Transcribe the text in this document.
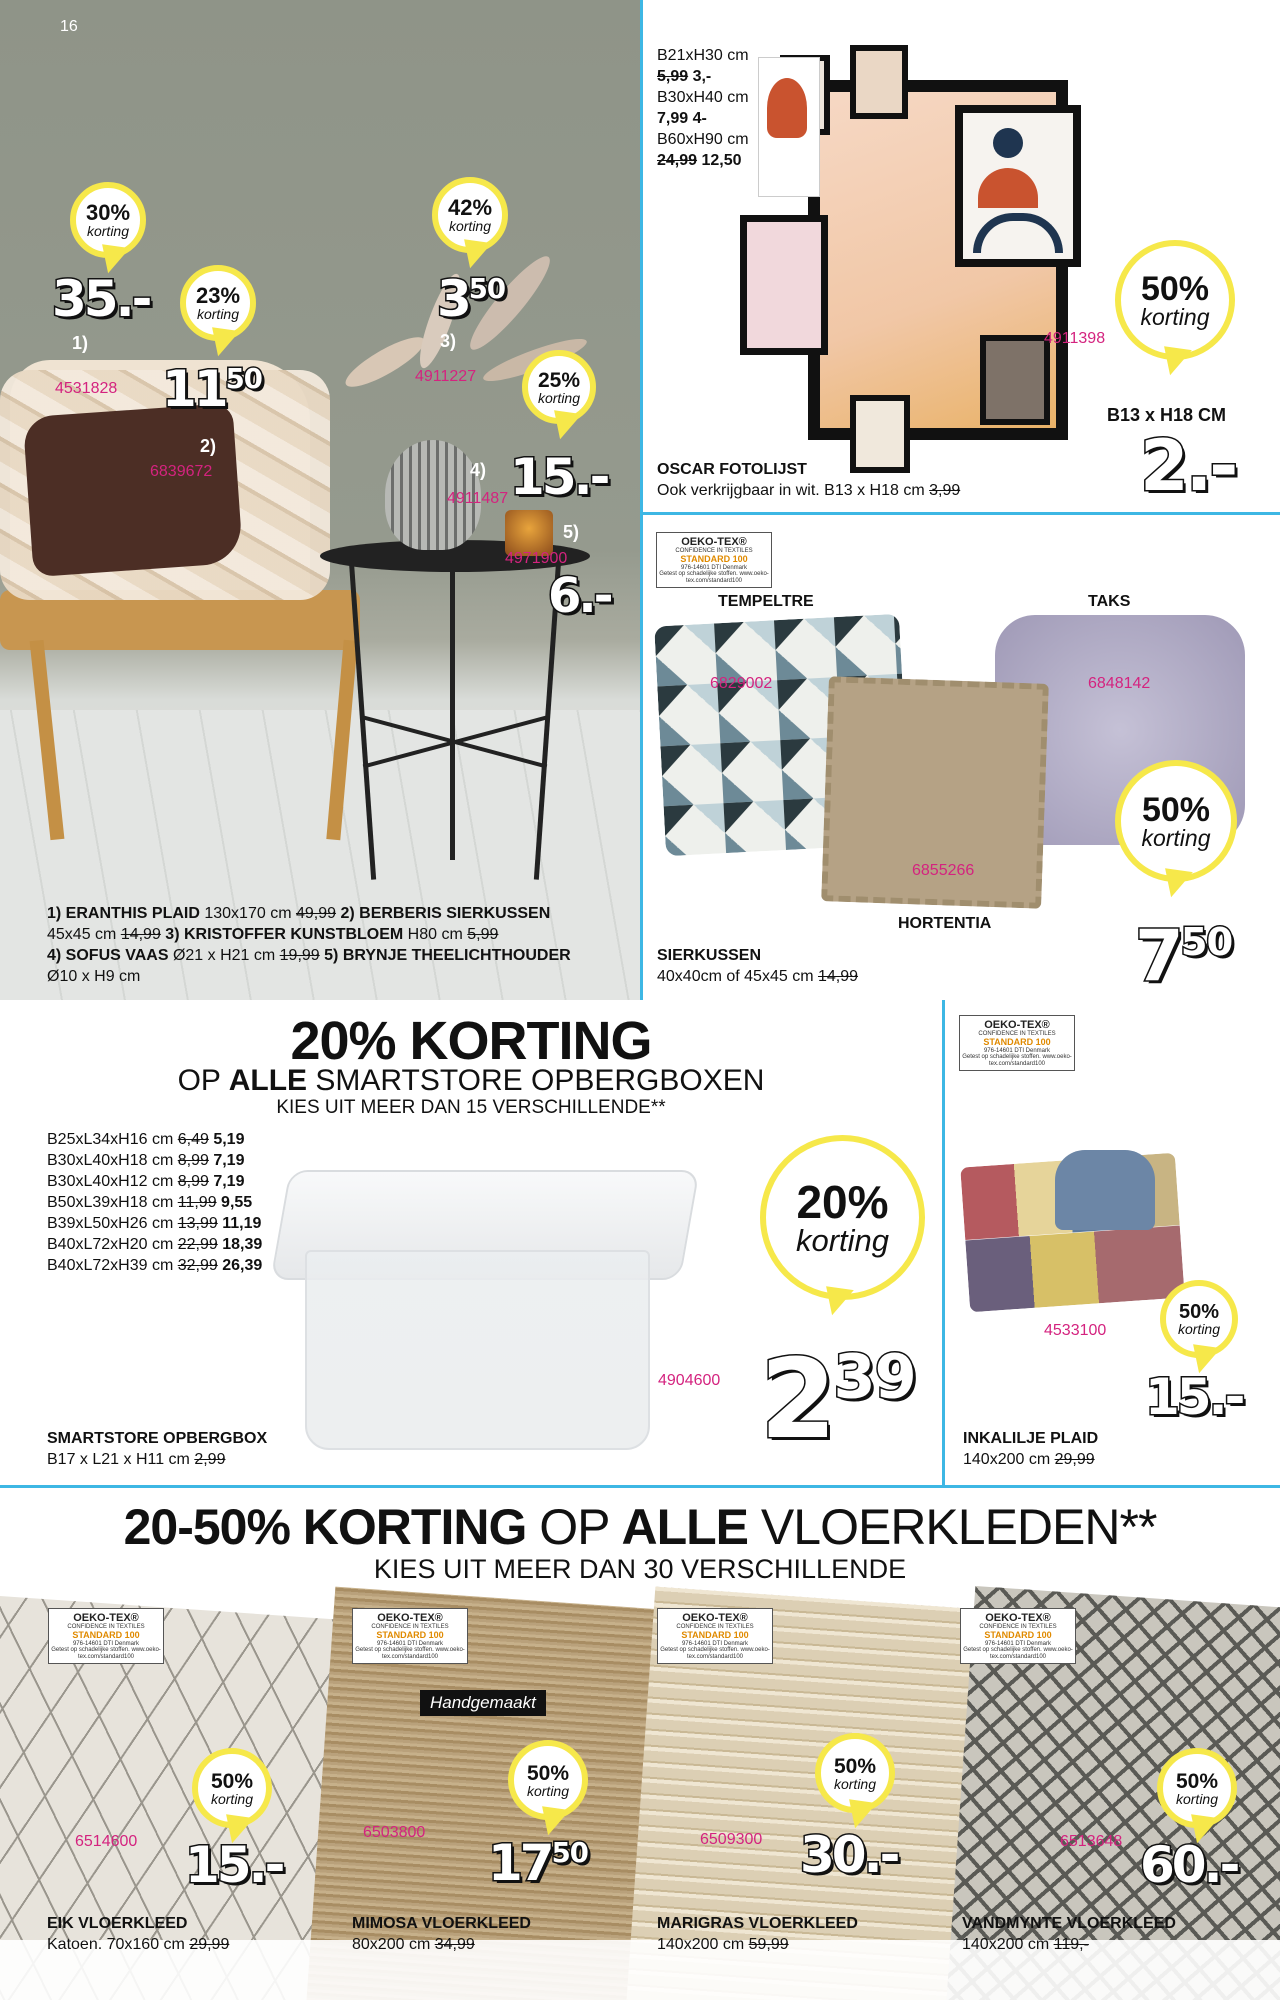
16
30%
korting
35.-
1)
4531828
23%
korting
$11^{50}$
2)
6839672
42%
korting
$3^{50}$
3)
4911227	25%
korting
15.-
4)
4911487
5)
4971900
6.-
1) ERANTHIS PLAID 130x170 cm 49,99 2) BERBERIS SIERKUSSEN
45x45 cm 14,99 3) KRISTOFFER KUNSTBLOEM H80 cm 5,99
4) SOFUS VAAS Ø21 x H21 cm 19,99 5) BRYNJE THEELICHTHOUDER
Ø10 x H9 cm
B21xH30 cm
5,99 3,-
B30xH40 cm
7,99 4-
B60xH90 cm
24,99 12,50	GIRLS CAN DO ANYTHING
4911398
50%
korting
B13 x H18 CM
2.-
OSCAR FOTOLIJST
Ook verkrijgbaar in wit. B13 x H18 cm 3,99
OEKO-TEX®
CONFIDENCE IN TEXTILES
STANDARD 100
976-14601 DTI Denmark
Getest op schadelijke stoffen. www.oeko-tex.com/standard100
TEMPELTRE	TAKS
6829002	6848142
6855266
50%
korting
HORTENTIA $7^{50}$
SIERKUSSEN
40x40cm of 45x45 cm 14,99
20% KORTING
OP ALLE SMARTSTORE OPBERGBOXEN
KIES UIT MEER DAN 15 VERSCHILLENDE**
B25xL34xH16 cm 6,49 5,19
B30xL40xH18 cm 8,99 7,19
B30xL40xH12 cm 8,99 7,19
B50xL39xH18 cm 11,99 9,55
B39xL50xH26 cm 13,99 11,19
B40xL72xH20 cm 22,99 18,39
B40xL72xH39 cm 32,99 26,39
4904600
20%
korting
$2^{39}$
SMARTSTORE OPBERGBOX
B17 x L21 x H11 cm 2,99
OEKO-TEX®
CONFIDENCE IN TEXTILES
STANDARD 100
976-14601 DTI Denmark
Getest op schadelijke stoffen. www.oeko-tex.com/standard100
4533100
50%
korting
15.-
INKALILJE PLAID
140x200 cm 29,99
20-50% KORTING OP ALLE VLOERKLEDEN**
KIES UIT MEER DAN 30 VERSCHILLENDE
OEKO-TEX®
CONFIDENCE IN TEXTILES
STANDARD 100
976-14601 DTI Denmark
Getest op schadelijke stoffen. www.oeko-tex.com/standard100
OEKO-TEX®
CONFIDENCE IN TEXTILES
STANDARD 100
976-14601 DTI Denmark
Getest op schadelijke stoffen. www.oeko-tex.com/standard100
OEKO-TEX®
CONFIDENCE IN TEXTILES
STANDARD 100
976-14601 DTI Denmark
Getest op schadelijke stoffen. www.oeko-tex.com/standard100
OEKO-TEX®
CONFIDENCE IN TEXTILES
STANDARD 100
976-14601 DTI Denmark
Getest op schadelijke stoffen. www.oeko-tex.com/standard100
Handgemaakt
50%
korting
6514600 15.-
50%
korting
6503800
$17^{50}$
50%
korting
6509300 30.-
50%
korting
6513648 60.-
EIK VLOERKLEED
Katoen. 70x160 cm 29,99
MIMOSA VLOERKLEED
80x200 cm 34,99
MARIGRAS VLOERKLEED
140x200 cm 59,99
VANDMYNTE VLOERKLEED
140x200 cm 119,-
